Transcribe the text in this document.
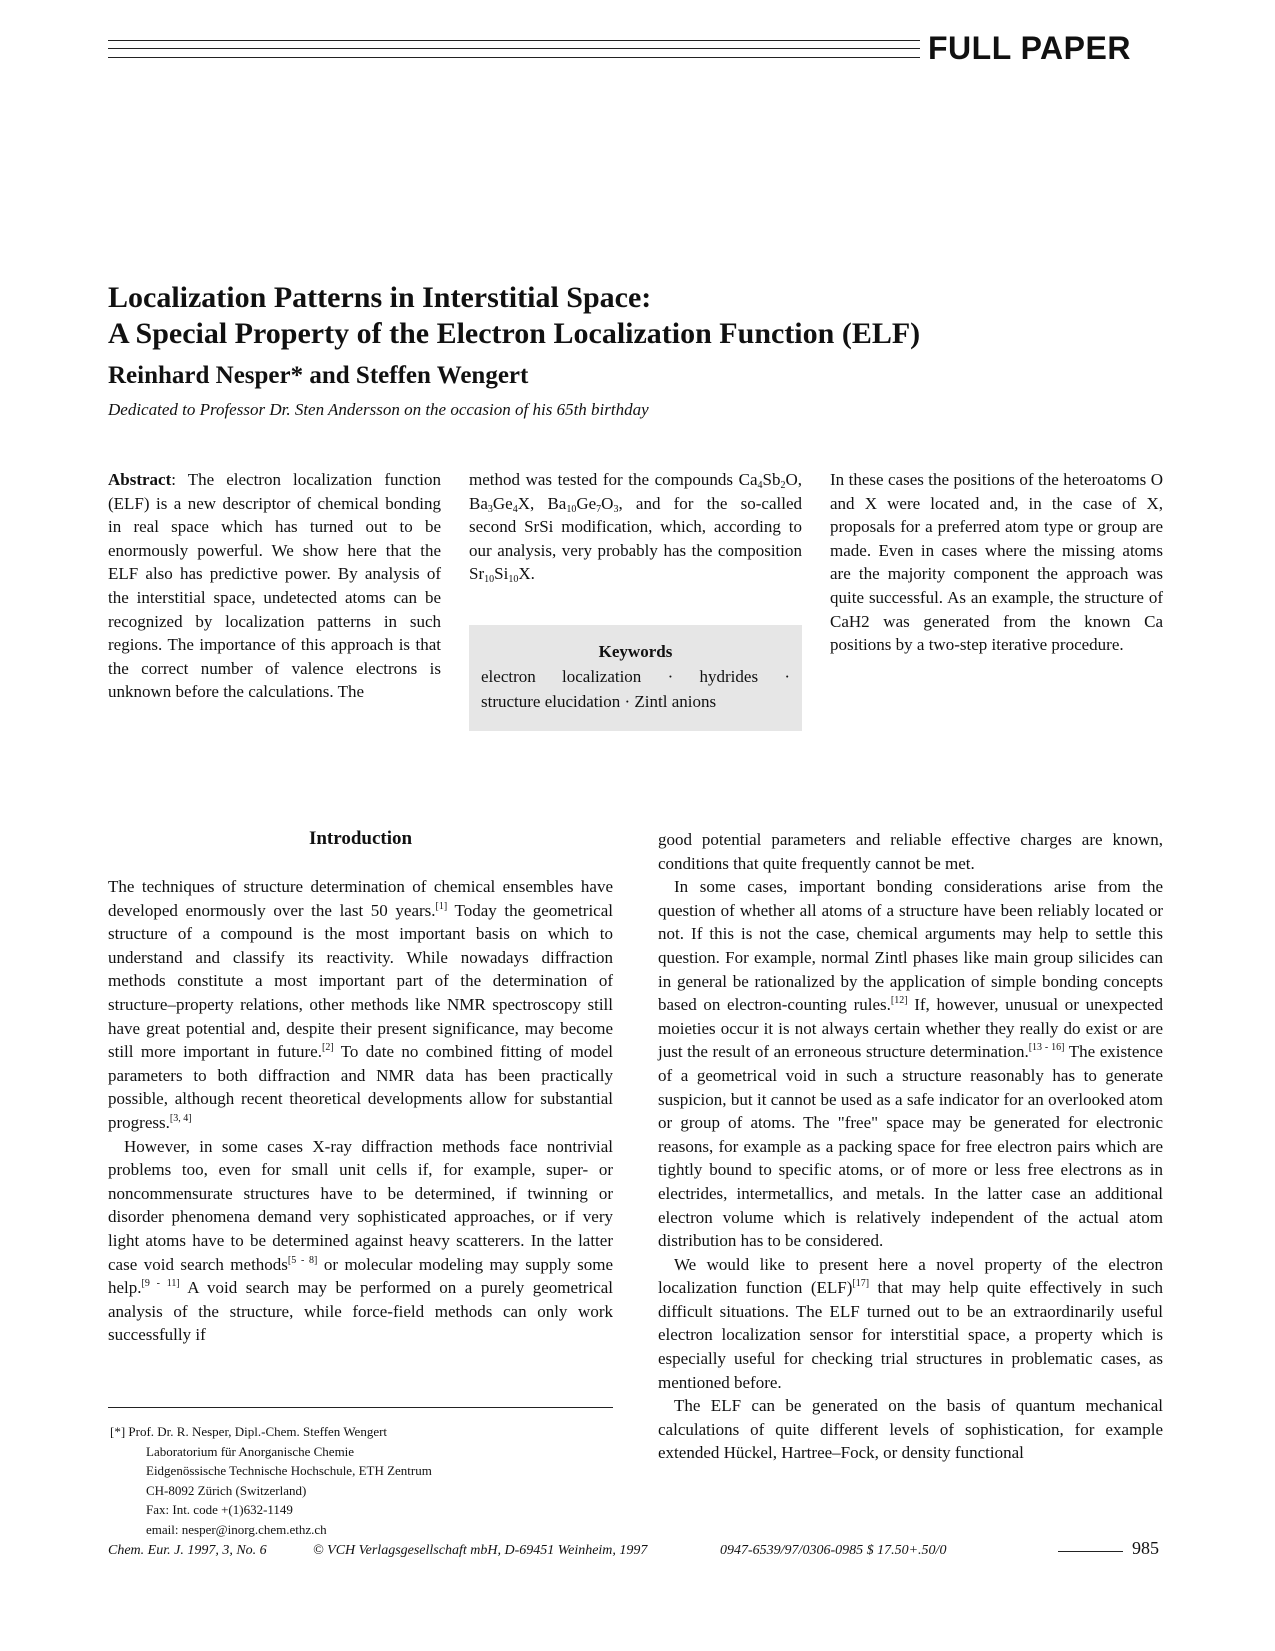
FULL PAPER
Localization Patterns in Interstitial Space:
A Special Property of the Electron Localization Function (ELF)
Reinhard Nesper* and Steffen Wengert
Dedicated to Professor Dr. Sten Andersson on the occasion of his 65th birthday
Abstract: The electron localization function (ELF) is a new descriptor of chemical bonding in real space which has turned out to be enormously powerful. We show here that the ELF also has predictive power. By analysis of the interstitial space, undetected atoms can be recognized by localization patterns in such regions. The importance of this approach is that the correct number of valence electrons is unknown before the calculations. The
method was tested for the compounds $Ca_4Sb_2O$, $Ba_3Ge_4X$, $Ba_{10}Ge_7O_3$, and for the so-called second SrSi modification, which, according to our analysis, very probably has the composition $Sr_{10}Si_{10}X$.
In these cases the positions of the heteroatoms O and X were located and, in the case of X, proposals for a preferred atom type or group are made. Even in cases where the missing atoms are the majority component the approach was quite successful. As an example, the structure of CaH2 was generated from the known Ca positions by a two-step iterative procedure.
Keywords
electron localization · hydrides ·
structure elucidation · Zintl anions
Introduction

The techniques of structure determination of chemical ensembles have developed enormously over the last 50 years.[1] Today the geometrical structure of a compound is the most important basis on which to understand and classify its reactivity. While nowadays diffraction methods constitute a most important part of the determination of structure–property relations, other methods like NMR spectroscopy still have great potential and, despite their present significance, may become still more important in future.[2] To date no combined fitting of model parameters to both diffraction and NMR data has been practically possible, although recent theoretical developments allow for substantial progress.[3, 4]

However, in some cases X-ray diffraction methods face nontrivial problems too, even for small unit cells if, for example, super- or noncommensurate structures have to be determined, if twinning or disorder phenomena demand very sophisticated approaches, or if very light atoms have to be determined against heavy scatterers. In the latter case void search methods[5 - 8] or molecular modeling may supply some help.[9 - 11] A void search may be performed on a purely geometrical analysis of the structure, while force-field methods can only work successfully if

good potential parameters and reliable effective charges are known, conditions that quite frequently cannot be met.

In some cases, important bonding considerations arise from the question of whether all atoms of a structure have been reliably located or not. If this is not the case, chemical arguments may help to settle this question. For example, normal Zintl phases like main group silicides can in general be rationalized by the application of simple bonding concepts based on electron-counting rules.[12] If, however, unusual or unexpected moieties occur it is not always certain whether they really do exist or are just the result of an erroneous structure determination.[13 - 16] The existence of a geometrical void in such a structure reasonably has to generate suspicion, but it cannot be used as a safe indicator for an overlooked atom or group of atoms. The "free" space may be generated for electronic reasons, for example as a packing space for free electron pairs which are tightly bound to specific atoms, or of more or less free electrons as in electrides, intermetallics, and metals. In the latter case an additional electron volume which is relatively independent of the actual atom distribution has to be considered.

We would like to present here a novel property of the electron localization function (ELF)[17] that may help quite effectively in such difficult situations. The ELF turned out to be an extraordinarily useful electron localization sensor for interstitial space, a property which is especially useful for checking trial structures in problematic cases, as mentioned before.

The ELF can be generated on the basis of quantum mechanical calculations of quite different levels of sophistication, for example extended Hückel, Hartree–Fock, or density functional

[*] Prof. Dr. R. Nesper, Dipl.-Chem. Steffen Wengert
Laboratorium für Anorganische Chemie
Eidgenössische Technische Hochschule, ETH Zentrum
CH-8092 Zürich (Switzerland)
Fax: Int. code +(1)632-1149
email: nesper@inorg.chem.ethz.ch
Chem. Eur. J. 1997, 3, No. 6	© VCH Verlagsgesellschaft mbH, D-69451 Weinheim, 1997	0947-6539/97/0306-0985 $ 17.50+.50/0	985
